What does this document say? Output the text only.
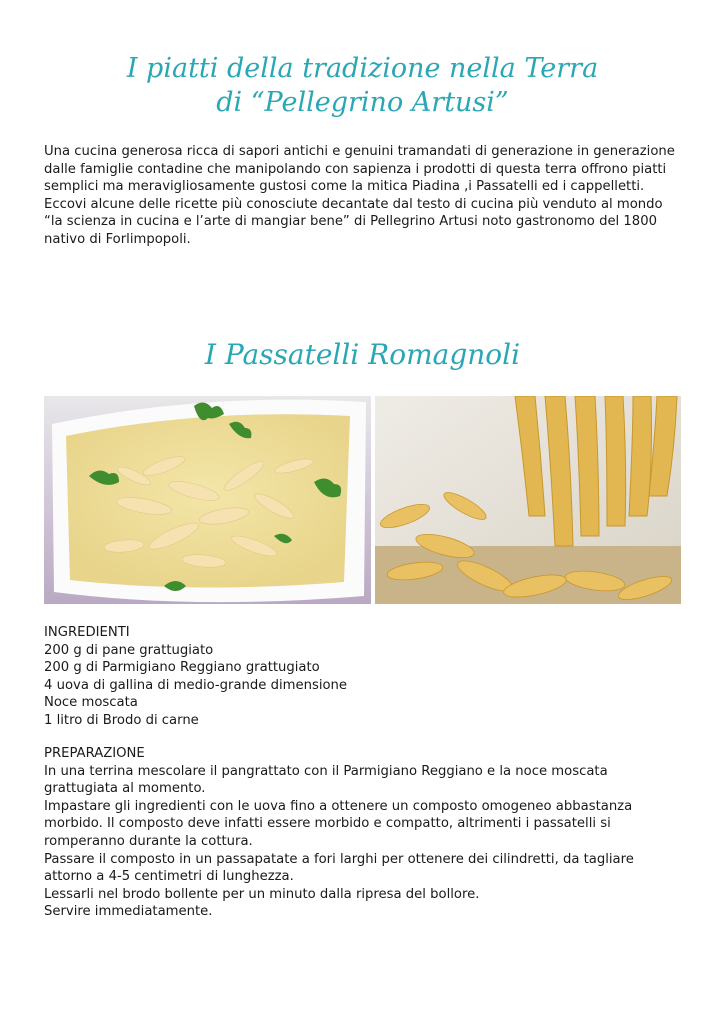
I piatti della tradizione nella Terra
di “Pellegrino Artusi”

Una cucina generosa ricca di sapori antichi e genuini tramandati di generazione in generazione dalle famiglie contadine che manipolando con sapienza i prodotti di questa terra offrono piatti semplici ma meravigliosamente gustosi come la mitica Piadina ,i Passatelli ed i cappelletti.

Eccovi alcune delle ricette più conosciute decantate dal testo di cucina più venduto al mondo “la scienza in cucina e l’arte di mangiar bene” di Pellegrino Artusi noto gastronomo del 1800 nativo di Forlimpopoli.

I Passatelli Romagnoli
INGREDIENTI
200 g di pane grattugiato
200 g di Parmigiano Reggiano grattugiato
4 uova di gallina di medio-grande dimensione
Noce moscata
1 litro di Brodo di carne
PREPARAZIONE
In una terrina mescolare il pangrattato con il Parmigiano Reggiano e la noce moscata grattugiata al momento.
Impastare gli ingredienti con le uova fino a ottenere un composto omogeneo abbastanza morbido. Il composto deve infatti essere morbido e compatto, altrimenti i passatelli si romperanno durante la cottura.
Passare il composto in un passapatate a fori larghi per ottenere dei cilindretti, da tagliare attorno a 4-5 centimetri di lunghezza.
Lessarli nel brodo bollente per un minuto dalla ripresa del bollore.
Servire immediatamente.
